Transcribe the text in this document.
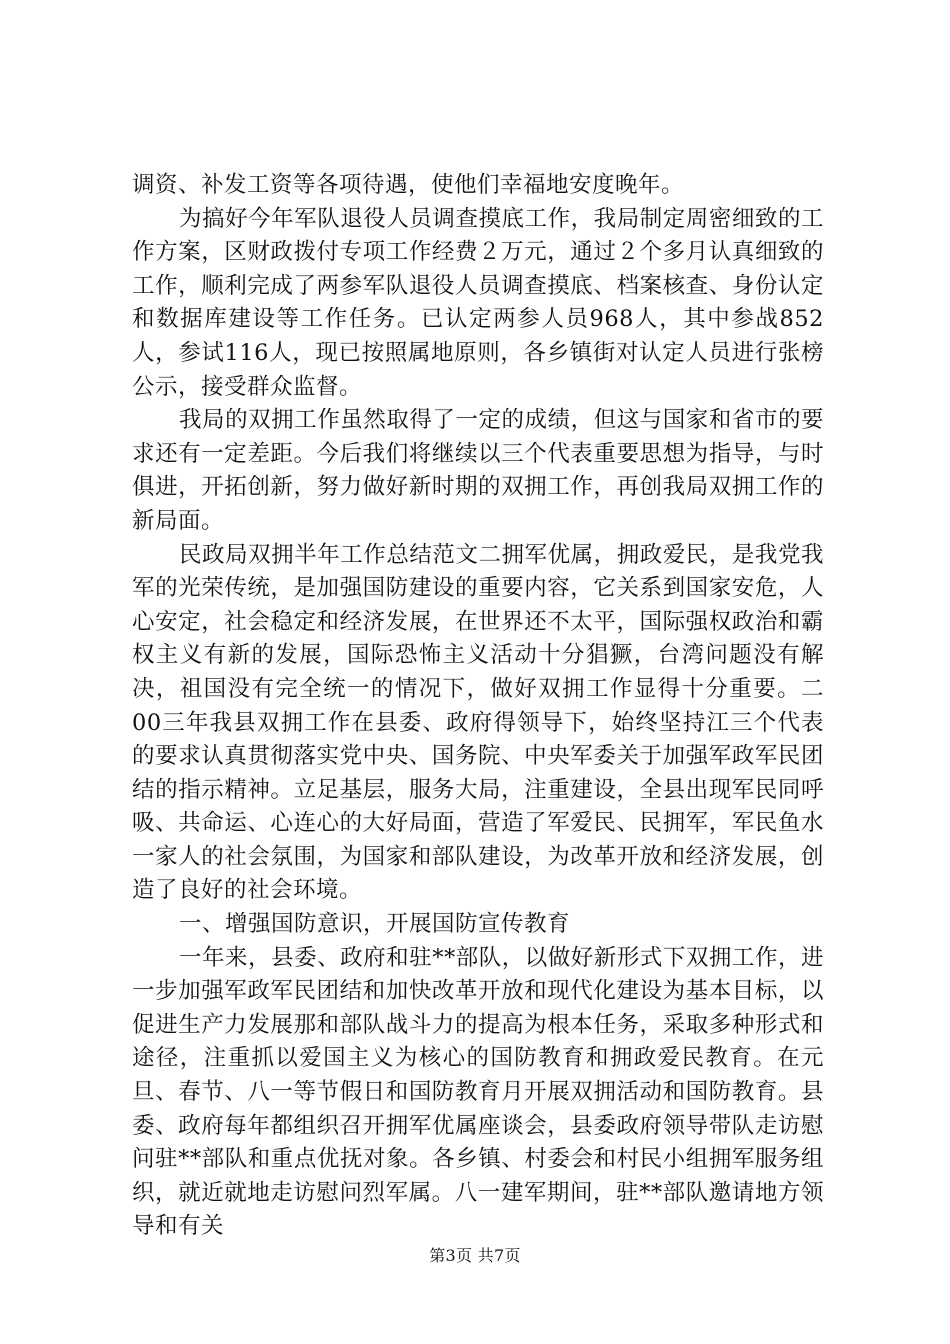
调资、补发工资等各项待遇，使他们幸福地安度晚年。

为搞好今年军队退役人员调查摸底工作，我局制定周密细致的工作方案，区财政拨付专项工作经费２万元，通过２个多月认真细致的工作，顺利完成了两参军队退役人员调查摸底、档案核查、身份认定和数据库建设等工作任务。已认定两参人员968人，其中参战852人，参试116人，现已按照属地原则，各乡镇街对认定人员进行张榜公示，接受群众监督。

我局的双拥工作虽然取得了一定的成绩，但这与国家和省市的要求还有一定差距。今后我们将继续以三个代表重要思想为指导，与时俱进，开拓创新，努力做好新时期的双拥工作，再创我局双拥工作的新局面。

民政局双拥半年工作总结范文二拥军优属，拥政爱民，是我党我军的光荣传统，是加强国防建设的重要内容，它关系到国家安危，人心安定，社会稳定和经济发展，在世界还不太平，国际强权政治和霸权主义有新的发展，国际恐怖主义活动十分猖獗，台湾问题没有解决，祖国没有完全统一的情况下，做好双拥工作显得十分重要。二00三年我县双拥工作在县委、政府得领导下，始终坚持江三个代表的要求认真贯彻落实党中央、国务院、中央军委关于加强军政军民团结的指示精神。立足基层，服务大局，注重建设，全县出现军民同呼吸、共命运、心连心的大好局面，营造了军爱民、民拥军，军民鱼水一家人的社会氛围，为国家和部队建设，为改革开放和经济发展，创造了良好的社会环境。

一、增强国防意识，开展国防宣传教育

一年来，县委、政府和驻**部队，以做好新形式下双拥工作，进一步加强军政军民团结和加快改革开放和现代化建设为基本目标，以促进生产力发展那和部队战斗力的提高为根本任务，采取多种形式和途径，注重抓以爱国主义为核心的国防教育和拥政爱民教育。在元旦、春节、八一等节假日和国防教育月开展双拥活动和国防教育。县委、政府每年都组织召开拥军优属座谈会，县委政府领导带队走访慰问驻**部队和重点优抚对象。各乡镇、村委会和村民小组拥军服务组织，就近就地走访慰问烈军属。八一建军期间，驻**部队邀请地方领导和有关

第3页 共7页
